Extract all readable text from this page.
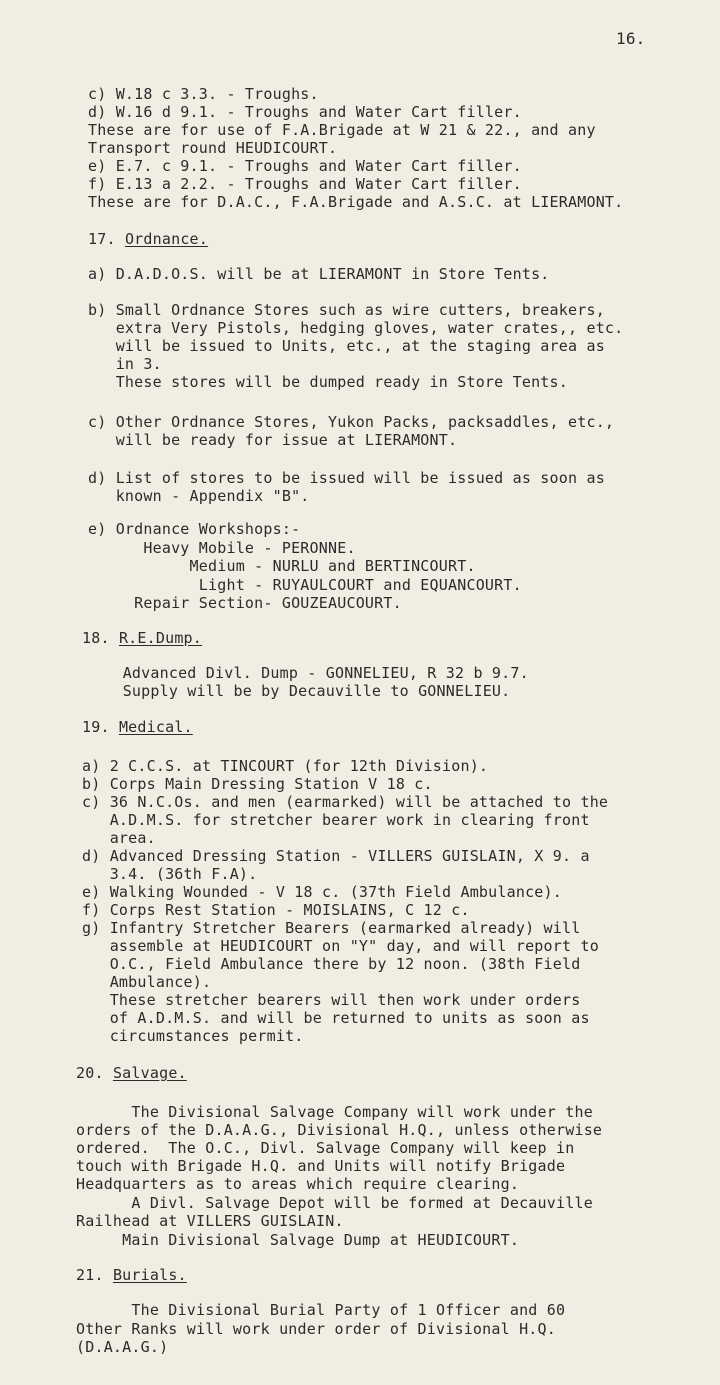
16.
c) W.18 c 3.3. - Troughs.
d) W.16 d 9.1. - Troughs and Water Cart filler.
These are for use of F.A.Brigade at W 21 & 22., and any
Transport round HEUDICOURT.
e) E.7. c 9.1. - Troughs and Water Cart filler.
f) E.13 a 2.2. - Troughs and Water Cart filler.
These are for D.A.C., F.A.Brigade and A.S.C. at LIERAMONT.
17. Ordnance.
a) D.A.D.O.S. will be at LIERAMONT in Store Tents.
b) Small Ordnance Stores such as wire cutters, breakers,
extra Very Pistols, hedging gloves, water crates,, etc.
will be issued to Units, etc., at the staging area as
in 3.
These stores will be dumped ready in Store Tents.
c) Other Ordnance Stores, Yukon Packs, packsaddles, etc.,
will be ready for issue at LIERAMONT.
d) List of stores to be issued will be issued as soon as
known - Appendix "B".
e) Ordnance Workshops:-
Heavy Mobile - PERONNE.
Medium - NURLU and BERTINCOURT.
Light - RUYAULCOURT and EQUANCOURT.
Repair Section- GOUZEAUCOURT.
18. R.E.Dump.
Advanced Divl. Dump - GONNELIEU, R 32 b 9.7.
Supply will be by Decauville to GONNELIEU.
19. Medical.
a) 2 C.C.S. at TINCOURT (for 12th Division).
b) Corps Main Dressing Station V 18 c.
c) 36 N.C.Os. and men (earmarked) will be attached to the
A.D.M.S. for stretcher bearer work in clearing front
area.
d) Advanced Dressing Station - VILLERS GUISLAIN, X 9. a
3.4. (36th F.A).
e) Walking Wounded - V 18 c. (37th Field Ambulance).
f) Corps Rest Station - MOISLAINS, C 12 c.
g) Infantry Stretcher Bearers (earmarked already) will
assemble at HEUDICOURT on "Y" day, and will report to
O.C., Field Ambulance there by 12 noon. (38th Field
Ambulance).
These stretcher bearers will then work under orders
of A.D.M.S. and will be returned to units as soon as
circumstances permit.
20. Salvage.
The Divisional Salvage Company will work under the
orders of the D.A.A.G., Divisional H.Q., unless otherwise
ordered.  The O.C., Divl. Salvage Company will keep in
touch with Brigade H.Q. and Units will notify Brigade
Headquarters as to areas which require clearing.
A Divl. Salvage Depot will be formed at Decauville
Railhead at VILLERS GUISLAIN.
Main Divisional Salvage Dump at HEUDICOURT.
21. Burials.
The Divisional Burial Party of 1 Officer and 60
Other Ranks will work under order of Divisional H.Q.
(D.A.A.G.)
